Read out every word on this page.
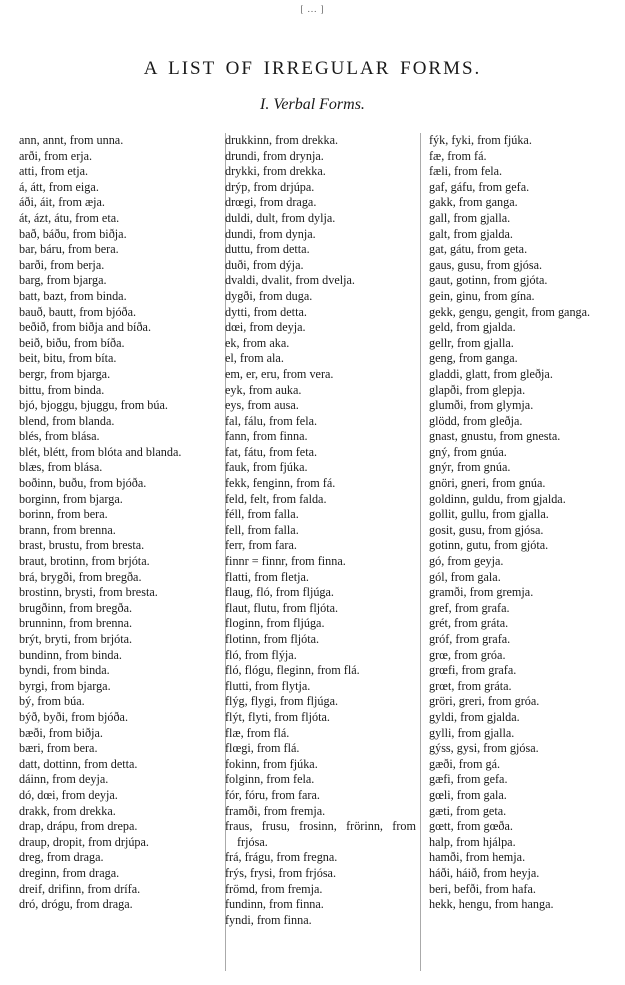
[ ... ]
A LIST OF IRREGULAR FORMS.
I. Verbal Forms.

ann, annt, from unna.

arði, from erja.

atti, from etja.

á, átt, from eiga.

áði, áit, from æja.

át, ázt, átu, from eta.

bað, báðu, from biðja.

bar, báru, from bera.

barði, from berja.

barg, from bjarga.

batt, bazt, from binda.

bauð, bautt, from bjóða.

beðið, from biðja and bíða.

beið, biðu, from bíða.

beit, bitu, from bíta.

bergr, from bjarga.

bittu, from binda.

bjó, bjoggu, bjuggu, from búa.

blend, from blanda.

blés, from blása.

blét, blétt, from blóta and blanda.

blæs, from blása.

boðinn, buðu, from bjóða.

borginn, from bjarga.

borinn, from bera.

brann, from brenna.

brast, brustu, from bresta.

braut, brotinn, from brjóta.

brá, brygði, from bregða.

brostinn, brysti, from bresta.

brugðinn, from bregða.

brunninn, from brenna.

brýt, bryti, from brjóta.

bundinn, from binda.

byndi, from binda.

byrgi, from bjarga.

bý, from búa.

býð, byði, from bjóða.

bæði, from biðja.

bæri, from bera.

datt, dottinn, from detta.

dáinn, from deyja.

dó, dœi, from deyja.

drakk, from drekka.

drap, drápu, from drepa.

draup, dropit, from drjúpa.

dreg, from draga.

dreginn, from draga.

dreif, drifinn, from drífa.

dró, drógu, from draga.

drukkinn, from drekka.

drundi, from drynja.

drykki, from drekka.

drýp, from drjúpa.

drœgi, from draga.

duldi, dult, from dylja.

dundi, from dynja.

duttu, from detta.

duði, from dýja.

dvaldi, dvalit, from dvelja.

dygði, from duga.

dytti, from detta.

dœi, from deyja.

ek, from aka.

el, from ala.

em, er, eru, from vera.

eyk, from auka.

eys, from ausa.

fal, fálu, from fela.

fann, from finna.

fat, fátu, from feta.

fauk, from fjúka.

fekk, fenginn, from fá.

feld, felt, from falda.

féll, from falla.

fell, from falla.

ferr, from fara.

finnr = finnr, from finna.

flatti, from fletja.

flaug, fló, from fljúga.

flaut, flutu, from fljóta.

floginn, from fljúga.

flotinn, from fljóta.

fló, from flýja.

fló, flógu, fleginn, from flá.

flutti, from flytja.

flýg, flygi, from fljúga.

flýt, flyti, from fljóta.

flæ, from flá.

flœgi, from flá.

fokinn, from fjúka.

folginn, from fela.

fór, fóru, from fara.

framði, from fremja.

fraus, frusu, frosinn, frörinn, from frjósa.

frá, frágu, from fregna.

frýs, frysi, from frjósa.

frömd, from fremja.

fundinn, from finna.

fyndi, from finna.

fýk, fyki, from fjúka.

fæ, from fá.

fæli, from fela.

gaf, gáfu, from gefa.

gakk, from ganga.

gall, from gjalla.

galt, from gjalda.

gat, gátu, from geta.

gaus, gusu, from gjósa.

gaut, gotinn, from gjóta.

gein, ginu, from gína.

gekk, gengu, gengit, from ganga.

geld, from gjalda.

gellr, from gjalla.

geng, from ganga.

gladdi, glatt, from gleðja.

glapði, from glepja.

glumði, from glymja.

glödd, from gleðja.

gnast, gnustu, from gnesta.

gný, from gnúa.

gnýr, from gnúa.

gnöri, gneri, from gnúa.

goldinn, guldu, from gjalda.

gollit, gullu, from gjalla.

gosit, gusu, from gjósa.

gotinn, gutu, from gjóta.

gó, from geyja.

gól, from gala.

gramði, from gremja.

gref, from grafa.

grét, from gráta.

gróf, from grafa.

grœ, from gróa.

grœfi, from grafa.

grœt, from gráta.

gröri, greri, from gróa.

gyldi, from gjalda.

gylli, from gjalla.

gýss, gysi, from gjósa.

gæði, from gá.

gæfi, from gefa.

gœli, from gala.

gæti, from geta.

gœtt, from gœða.

halp, from hjálpa.

hamði, from hemja.

háði, háið, from heyja.

beri, befði, from hafa.

hekk, hengu, from hanga.
